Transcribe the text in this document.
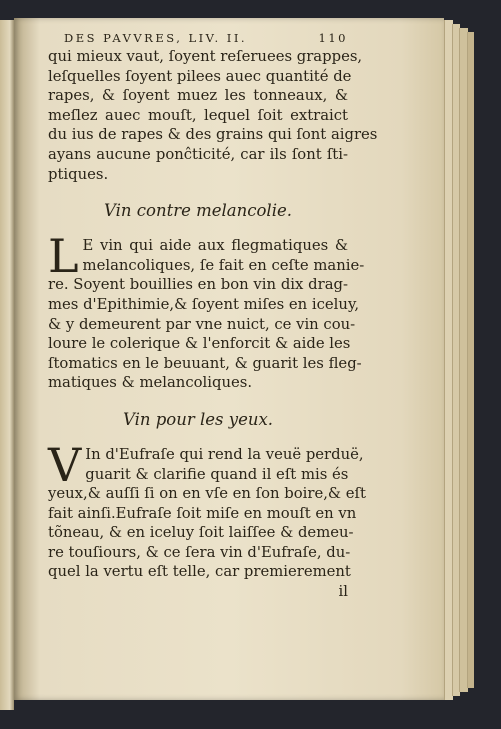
DES PAVVRES, LIV. II.	110
qui mieux vaut, ſoyent reſeruees grappes,
leſquelles ſoyent pilees auec quantité de
rapes, & ſoyent muez les tonneaux, &
meſlez auec mouſt, lequel ſoit extraict
du ius de rapes & des grains qui ſont aigres
ayans aucune ponĉticité, car ils ſont ſti-
ptiques.
Vin contre melancolie.
L E vin qui aide aux flegmatiques &
melancoliques, ſe fait en ceſte manie-
re. Soyent bouillies en bon vin dix drag-
mes d'Epithimie,& ſoyent miſes en iceluy,
& y demeurent par vne nuict, ce vin cou-
loure le colerique & l'enforcit & aide les
ſtomatics en le beuuant, & guarit les fleg-
matiques & melancoliques.
Vin pour les yeux.
V In d'Eufraſe qui rend la veuë perduë,
guarit & clarifie quand il eſt mis és
yeux,& auſſi ſi on en vſe en ſon boire,& eſt
fait ainſi.Eufraſe ſoit miſe en mouſt en vn
tõneau, & en iceluy ſoit laiſſee & demeu-
re touſiours, & ce ſera vin d'Eufraſe, du-
quel la vertu eſt telle, car premierement
il
